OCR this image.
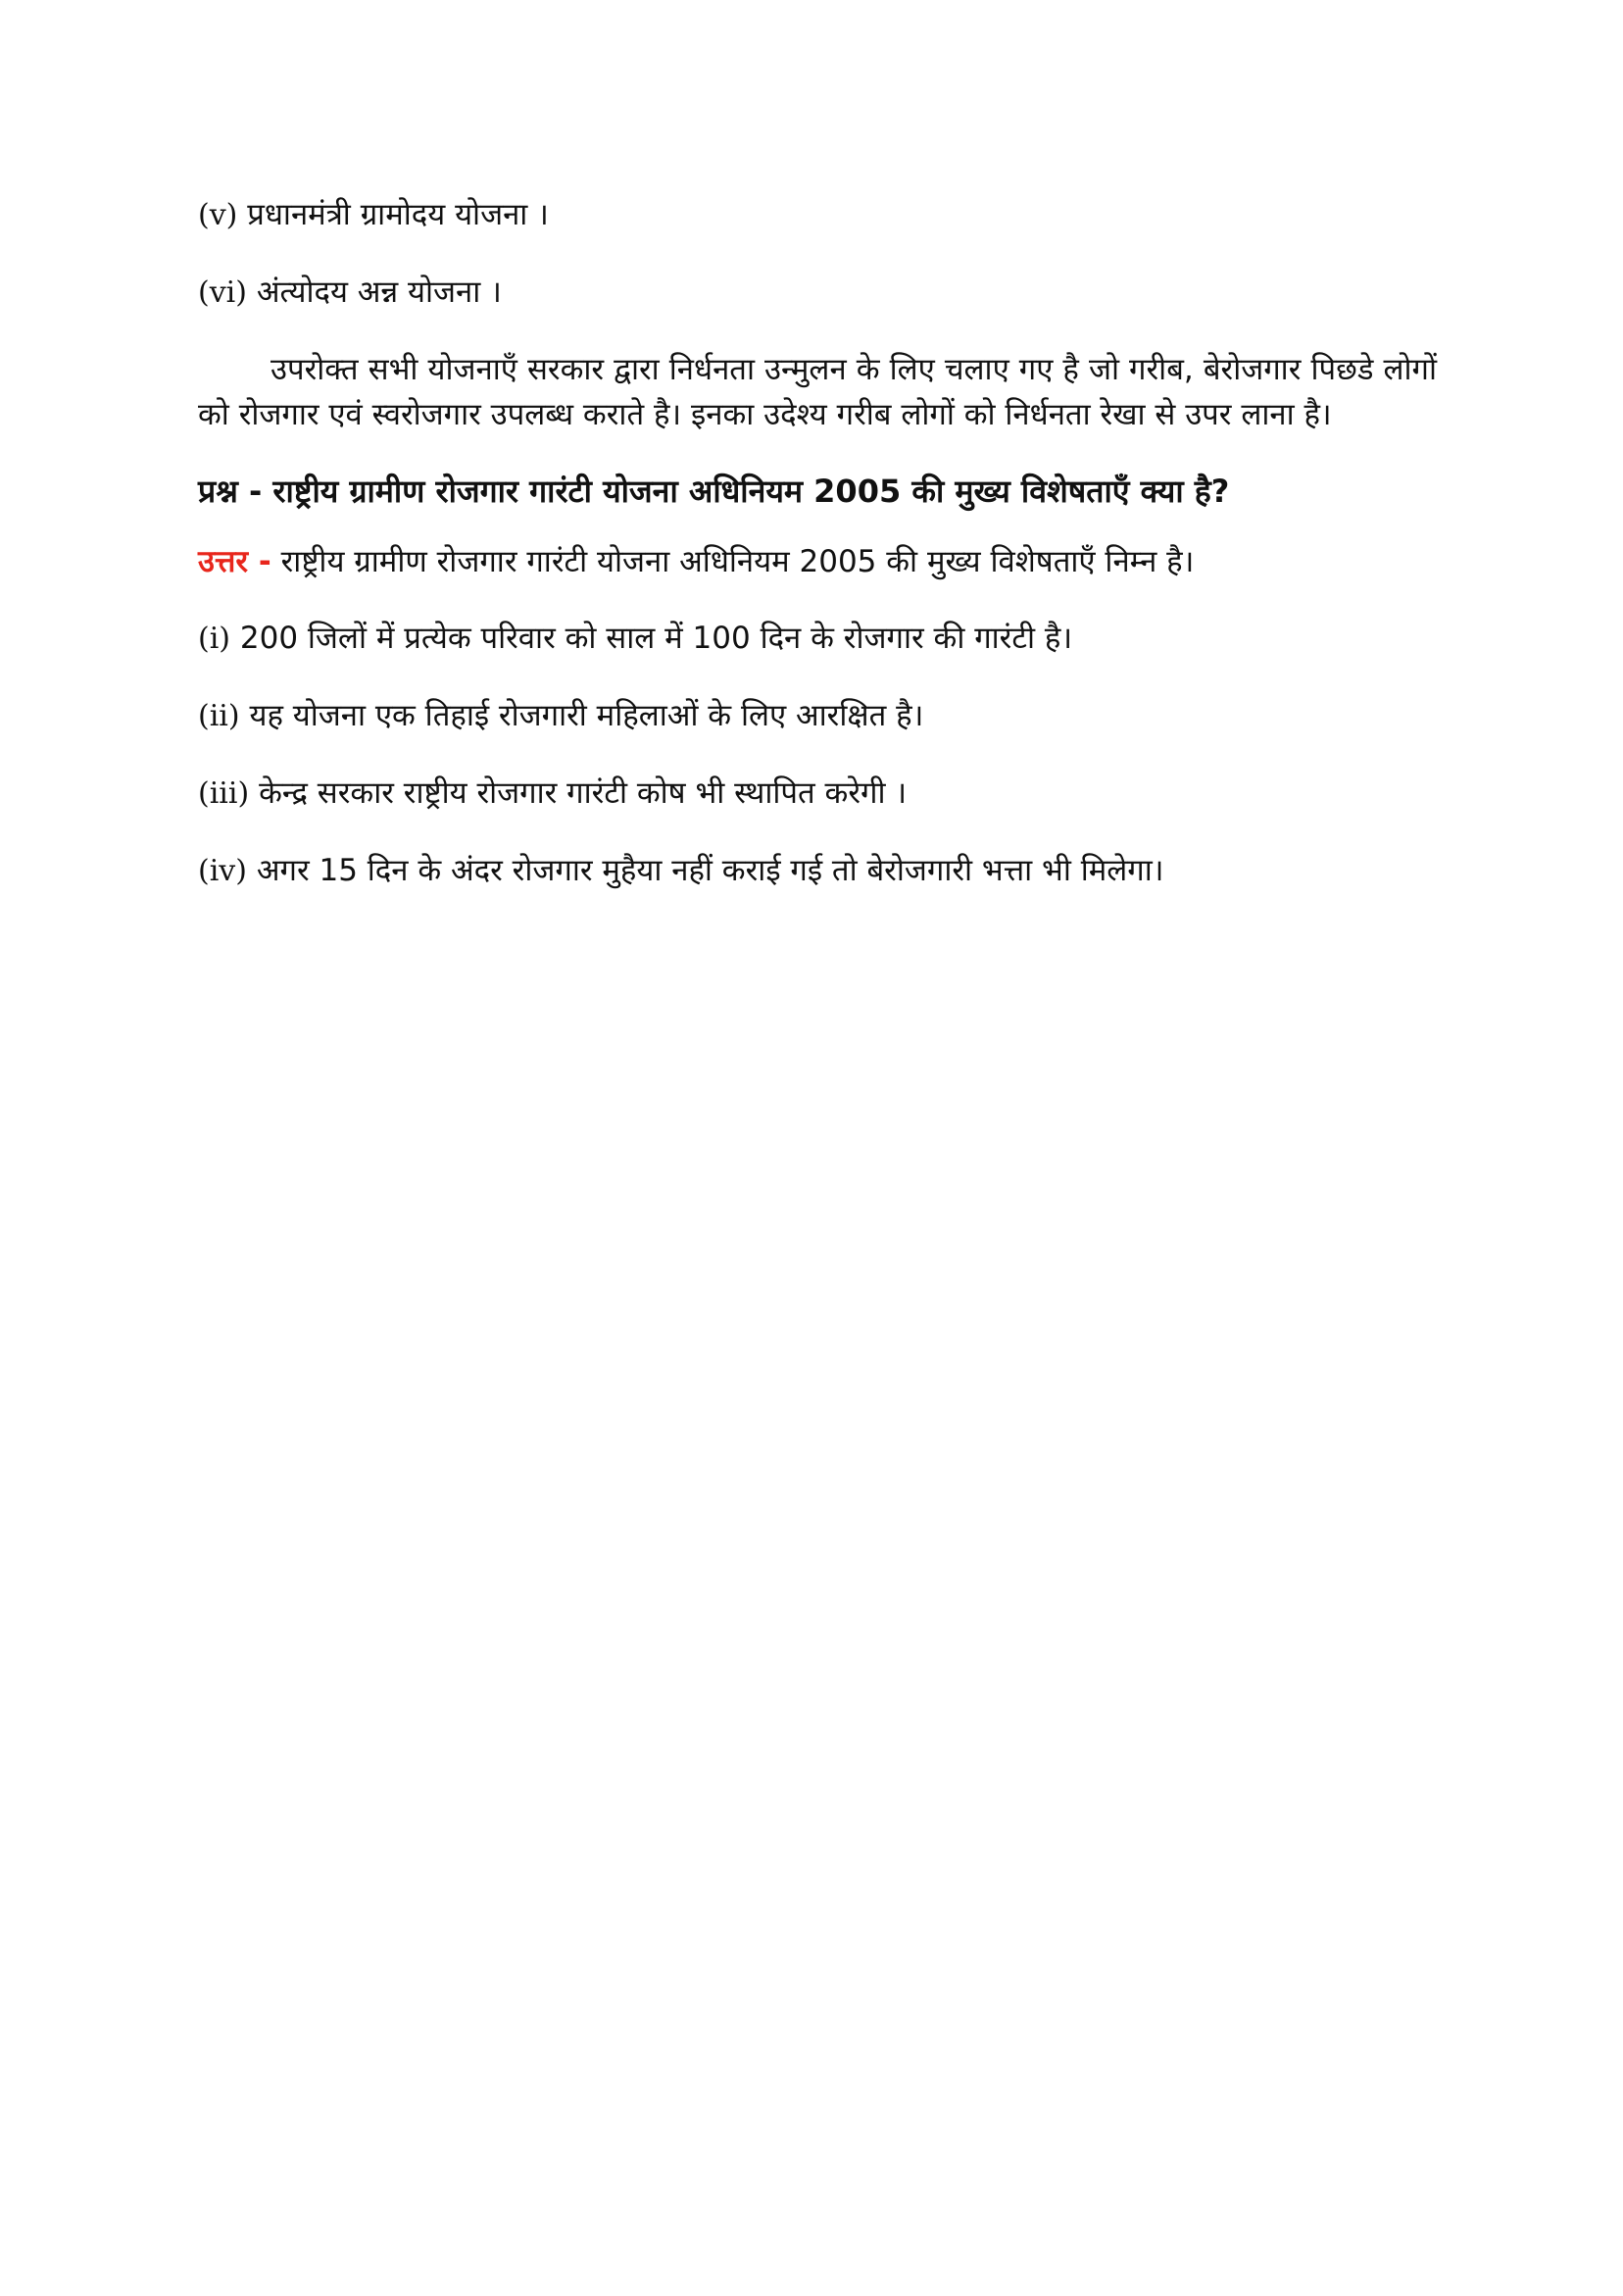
(v) प्रधानमंत्री ग्रामोदय योजना ।
(vi) अंत्योदय अन्न योजना ।

उपरोक्त सभी योजनाएँ सरकार द्वारा निर्धनता उन्मुलन के लिए चलाए गए है जो गरीब, बेरोजगार पिछडे लोगों को रोजगार एवं स्वरोजगार उपलब्ध कराते है। इनका उदेश्य गरीब लोगों को निर्धनता रेखा से उपर लाना है।

प्रश्न - राष्ट्रीय ग्रामीण रोजगार गारंटी योजना अधिनियम 2005 की मुख्य विशेषताएँ क्या है?

उत्तर - राष्ट्रीय ग्रामीण रोजगार गारंटी योजना अधिनियम 2005 की मुख्य विशेषताएँ निम्न है।

(i) 200 जिलों में प्रत्येक परिवार को साल में 100 दिन के रोजगार की गारंटी है।
(ii) यह योजना एक तिहाई रोजगारी महिलाओं के लिए आरक्षित है।
(iii) केन्द्र सरकार राष्ट्रीय रोजगार गारंटी कोष भी स्थापित करेगी ।
(iv) अगर 15 दिन के अंदर रोजगार मुहैया नहीं कराई गई तो बेरोजगारी भत्ता भी मिलेगा।
